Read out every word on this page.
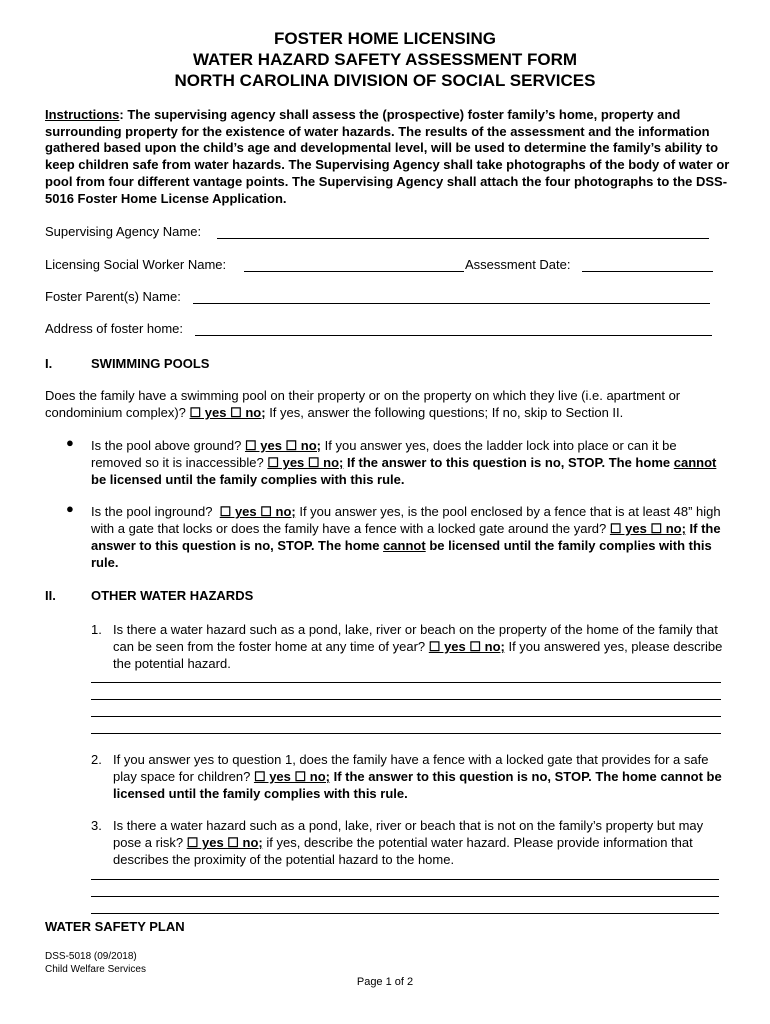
FOSTER HOME LICENSING
WATER HAZARD SAFETY ASSESSMENT FORM
NORTH CAROLINA DIVISION OF SOCIAL SERVICES
Instructions: The supervising agency shall assess the (prospective) foster family’s home, property and surrounding property for the existence of water hazards. The results of the assessment and the information gathered based upon the child’s age and developmental level, will be used to determine the family’s ability to keep children safe from water hazards. The Supervising Agency shall take photographs of the body of water or pool from four different vantage points. The Supervising Agency shall attach the four photographs to the DSS-5016 Foster Home License Application.
Supervising Agency Name:
Licensing Social Worker Name:	Assessment Date:
Foster Parent(s) Name:
Address of foster home:
I.	SWIMMING POOLS
Does the family have a swimming pool on their property or on the property on which they live (i.e. apartment or condominium complex)? ☐ yes ☐ no; If yes, answer the following questions; If no, skip to Section II.
● Is the pool above ground? ☐ yes ☐ no; If you answer yes, does the ladder lock into place or can it be removed so it is inaccessible? ☐ yes ☐ no; If the answer to this question is no, STOP. The home cannot be licensed until the family complies with this rule.
● Is the pool inground? ☐ yes ☐ no; If you answer yes, is the pool enclosed by a fence that is at least 48” high with a gate that locks or does the family have a fence with a locked gate around the yard? ☐ yes ☐ no; If the answer to this question is no, STOP. The home cannot be licensed until the family complies with this rule.
II.	OTHER WATER HAZARDS
1. Is there a water hazard such as a pond, lake, river or beach on the property of the home of the family that can be seen from the foster home at any time of year? ☐ yes ☐ no; If you answered yes, please describe the potential hazard.
2. If you answer yes to question 1, does the family have a fence with a locked gate that provides for a safe play space for children? ☐ yes ☐ no; If the answer to this question is no, STOP. The home cannot be licensed until the family complies with this rule.
3. Is there a water hazard such as a pond, lake, river or beach that is not on the family’s property but may pose a risk? ☐ yes ☐ no; if yes, describe the potential water hazard. Please provide information that describes the proximity of the potential hazard to the home.
WATER SAFETY PLAN
DSS-5018 (09/2018)
Child Welfare Services
Page 1 of 2
